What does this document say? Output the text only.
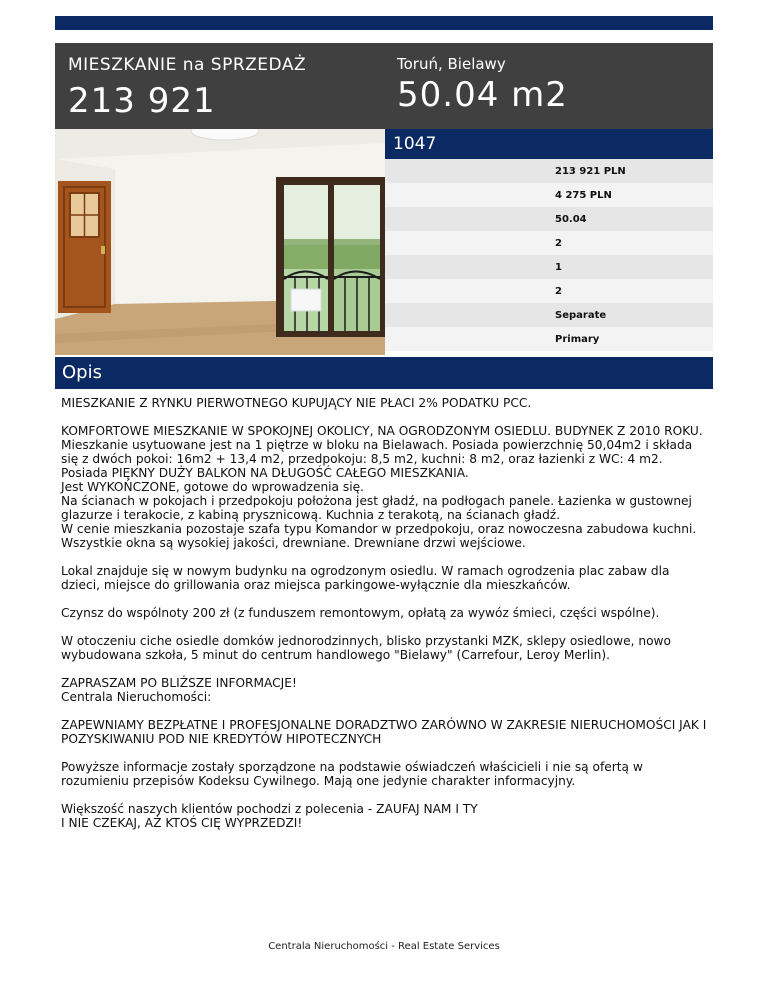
MIESZKANIE na SPRZEDAŻ
213 921
Toruń, Bielawy
50.04 m2
1047
213 921 PLN
4 275 PLN
50.04
2
1
2
Separate
Primary
Opis

MIESZKANIE Z RYNKU PIERWOTNEGO KUPUJĄCY NIE PŁACI 2% PODATKU PCC.

KOMFORTOWE MIESZKANIE W SPOKOJNEJ OKOLICY, NA OGRODZONYM OSIEDLU. BUDYNEK Z 2010 ROKU.
Mieszkanie usytuowane jest na 1 piętrze w bloku na Bielawach. Posiada powierzchnię 50,04m2 i składa się z dwóch pokoi: 16m2 + 13,4 m2, przedpokoju: 8,5 m2, kuchni: 8 m2, oraz łazienki z WC: 4 m2.
Posiada PIĘKNY DUŻY BALKON NA DŁUGOŚĆ CAŁEGO MIESZKANIA.
Jest WYKOŃCZONE, gotowe do wprowadzenia się.
Na ścianach w pokojach i przedpokoju położona jest gładź, na podłogach panele. Łazienka w gustownej glazurze i terakocie, z kabiną prysznicową. Kuchnia z terakotą, na ścianach gładź.
W cenie mieszkania pozostaje szafa typu Komandor w przedpokoju, oraz nowoczesna zabudowa kuchni.
Wszystkie okna są wysokiej jakości, drewniane. Drewniane drzwi wejściowe.

Lokal znajduje się w nowym budynku na ogrodzonym osiedlu. W ramach ogrodzenia plac zabaw dla dzieci, miejsce do grillowania oraz miejsca parkingowe-wyłącznie dla mieszkańców.

Czynsz do wspólnoty 200 zł (z funduszem remontowym, opłatą za wywóz śmieci, części wspólne).

W otoczeniu ciche osiedle domków jednorodzinnych, blisko przystanki MZK, sklepy osiedlowe, nowo wybudowana szkoła, 5 minut do centrum handlowego "Bielawy" (Carrefour, Leroy Merlin).

ZAPRASZAM PO BLIŻSZE INFORMACJE!
Centrala Nieruchomości:

ZAPEWNIAMY BEZPŁATNE I PROFESJONALNE DORADZTWO ZARÓWNO W ZAKRESIE NIERUCHOMOŚCI JAK I POZYSKIWANIU POD NIE KREDYTÓW HIPOTECZNYCH

Powyższe informacje zostały sporządzone na podstawie oświadczeń właścicieli i nie są ofertą w rozumieniu przepisów Kodeksu Cywilnego. Mają one jedynie charakter informacyjny.

Większość naszych klientów pochodzi z polecenia - ZAUFAJ NAM I TY
I NIE CZEKAJ, AŻ KTOŚ CIĘ WYPRZEDZI!

Centrala Nieruchomości - Real Estate Services
